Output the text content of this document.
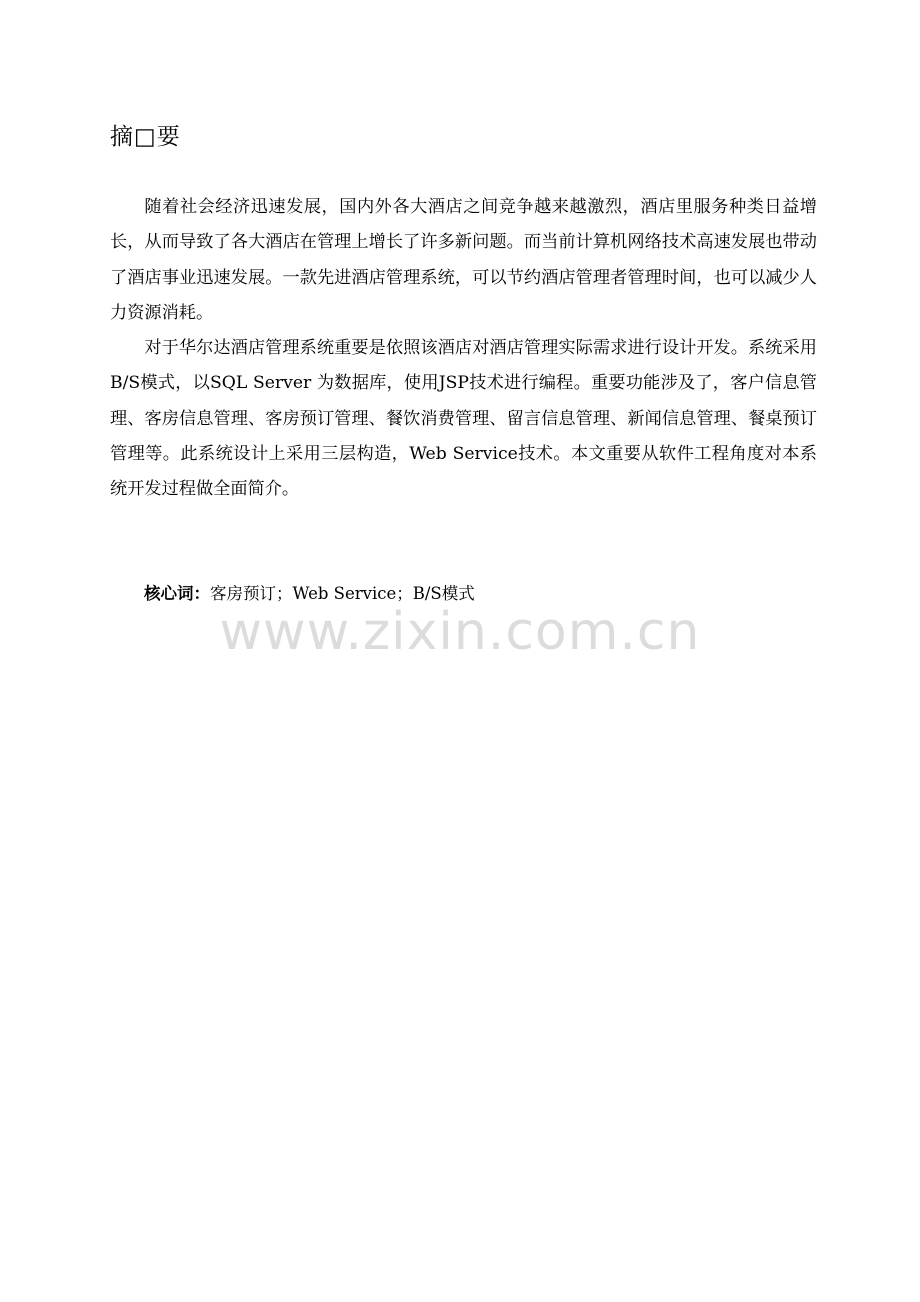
摘□要

随着社会经济迅速发展，国内外各大酒店之间竞争越来越激烈，酒店里服务种类日益增长，从而导致了各大酒店在管理上增长了许多新问题。而当前计算机网络技术高速发展也带动了酒店事业迅速发展。一款先进酒店管理系统，可以节约酒店管理者管理时间，也可以减少人力资源消耗。

对于华尔达酒店管理系统重要是依照该酒店对酒店管理实际需求进行设计开发。系统采用B/S模式，以SQL Server 为数据库，使用JSP技术进行编程。重要功能涉及了，客户信息管理、客房信息管理、客房预订管理、餐饮消费管理、留言信息管理、新闻信息管理、餐桌预订管理等。此系统设计上采用三层构造，Web Service技术。本文重要从软件工程角度对本系统开发过程做全面简介。

www.zixin.com.cn

核心词：客房预订；Web Service；B/S模式
